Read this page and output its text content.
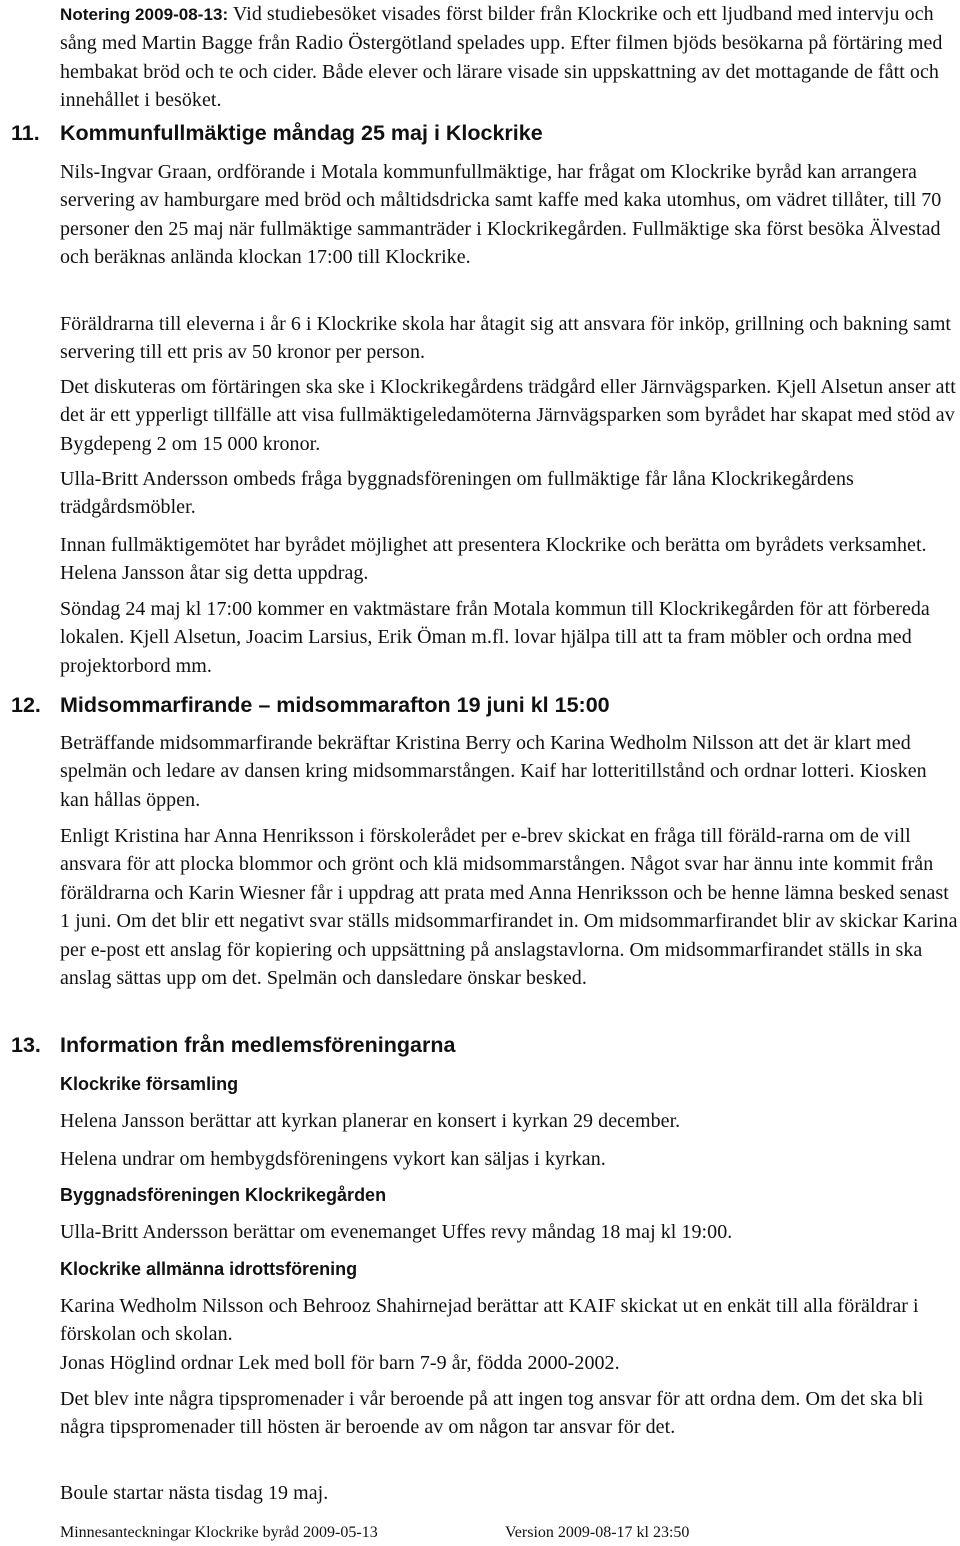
Notering 2009-08-13: Vid studiebesöket visades först bilder från Klockrike och ett ljudband med intervju och sång med Martin Bagge från Radio Östergötland spelades upp. Efter filmen bjöds besökarna på förtäring med hembakat bröd och te och cider. Både elever och lärare visade sin uppskattning av det mottagande de fått och innehållet i besöket.
11. Kommunfullmäktige måndag 25 maj i Klockrike

Nils-Ingvar Graan, ordförande i Motala kommunfullmäktige, har frågat om Klockrike byråd kan arrangera servering av hamburgare med bröd och måltidsdricka samt kaffe med kaka utomhus, om vädret tillåter, till 70 personer den 25 maj när fullmäktige sammanträder i Klockrikegården. Fullmäktige ska först besöka Älvestad och beräknas anlända klockan 17:00 till Klockrike.

Föräldrarna till eleverna i år 6 i Klockrike skola har åtagit sig att ansvara för inköp, grillning och bakning samt servering till ett pris av 50 kronor per person.

Det diskuteras om förtäringen ska ske i Klockrikegårdens trädgård eller Järnvägsparken. Kjell Alsetun anser att det är ett ypperligt tillfälle att visa fullmäktigeledamöterna Järnvägsparken som byrådet har skapat med stöd av Bygdepeng 2 om 15 000 kronor.

Ulla-Britt Andersson ombeds fråga byggnadsföreningen om fullmäktige får låna Klockrikegårdens trädgårdsmöbler.

Innan fullmäktigemötet har byrådet möjlighet att presentera Klockrike och berätta om byrådets verksamhet. Helena Jansson åtar sig detta uppdrag.

Söndag 24 maj kl 17:00 kommer en vaktmästare från Motala kommun till Klockrikegården för att förbereda lokalen. Kjell Alsetun, Joacim Larsius, Erik Öman m.fl. lovar hjälpa till att ta fram möbler och ordna med projektorbord mm.

12. Midsommarfirande – midsommarafton 19 juni kl 15:00

Beträffande midsommarfirande bekräftar Kristina Berry och Karina Wedholm Nilsson att det är klart med spelmän och ledare av dansen kring midsommarstången. Kaif har lotteritillstånd och ordnar lotteri. Kiosken kan hållas öppen.

Enligt Kristina har Anna Henriksson i förskolerådet per e-brev skickat en fråga till föräld-rarna om de vill ansvara för att plocka blommor och grönt och klä midsommarstången. Något svar har ännu inte kommit från föräldrarna och Karin Wiesner får i uppdrag att prata med Anna Henriksson och be henne lämna besked senast 1 juni. Om det blir ett negativt svar ställs midsommarfirandet in. Om midsommarfirandet blir av skickar Karina per e-post ett anslag för kopiering och uppsättning på anslagstavlorna. Om midsommarfirandet ställs in ska anslag sättas upp om det. Spelmän och dansledare önskar besked.

13. Information från medlemsföreningarna
Klockrike församling

Helena Jansson berättar att kyrkan planerar en konsert i kyrkan 29 december.

Helena undrar om hembygdsföreningens vykort kan säljas i kyrkan.

Byggnadsföreningen Klockrikegården

Ulla-Britt Andersson berättar om evenemanget Uffes revy måndag 18 maj kl 19:00.

Klockrike allmänna idrottsförening

Karina Wedholm Nilsson och Behrooz Shahirnejad berättar att KAIF skickat ut en enkät till alla föräldrar i förskolan och skolan.

Jonas Höglind ordnar Lek med boll för barn 7-9 år, födda 2000-2002.

Det blev inte några tipspromenader i vår beroende på att ingen tog ansvar för att ordna dem. Om det ska bli några tipspromenader till hösten är beroende av om någon tar ansvar för det.

Boule startar nästa tisdag 19 maj.

Minnesanteckningar Klockrike byråd 2009-05-13	Version 2009-08-17 kl 23:50
